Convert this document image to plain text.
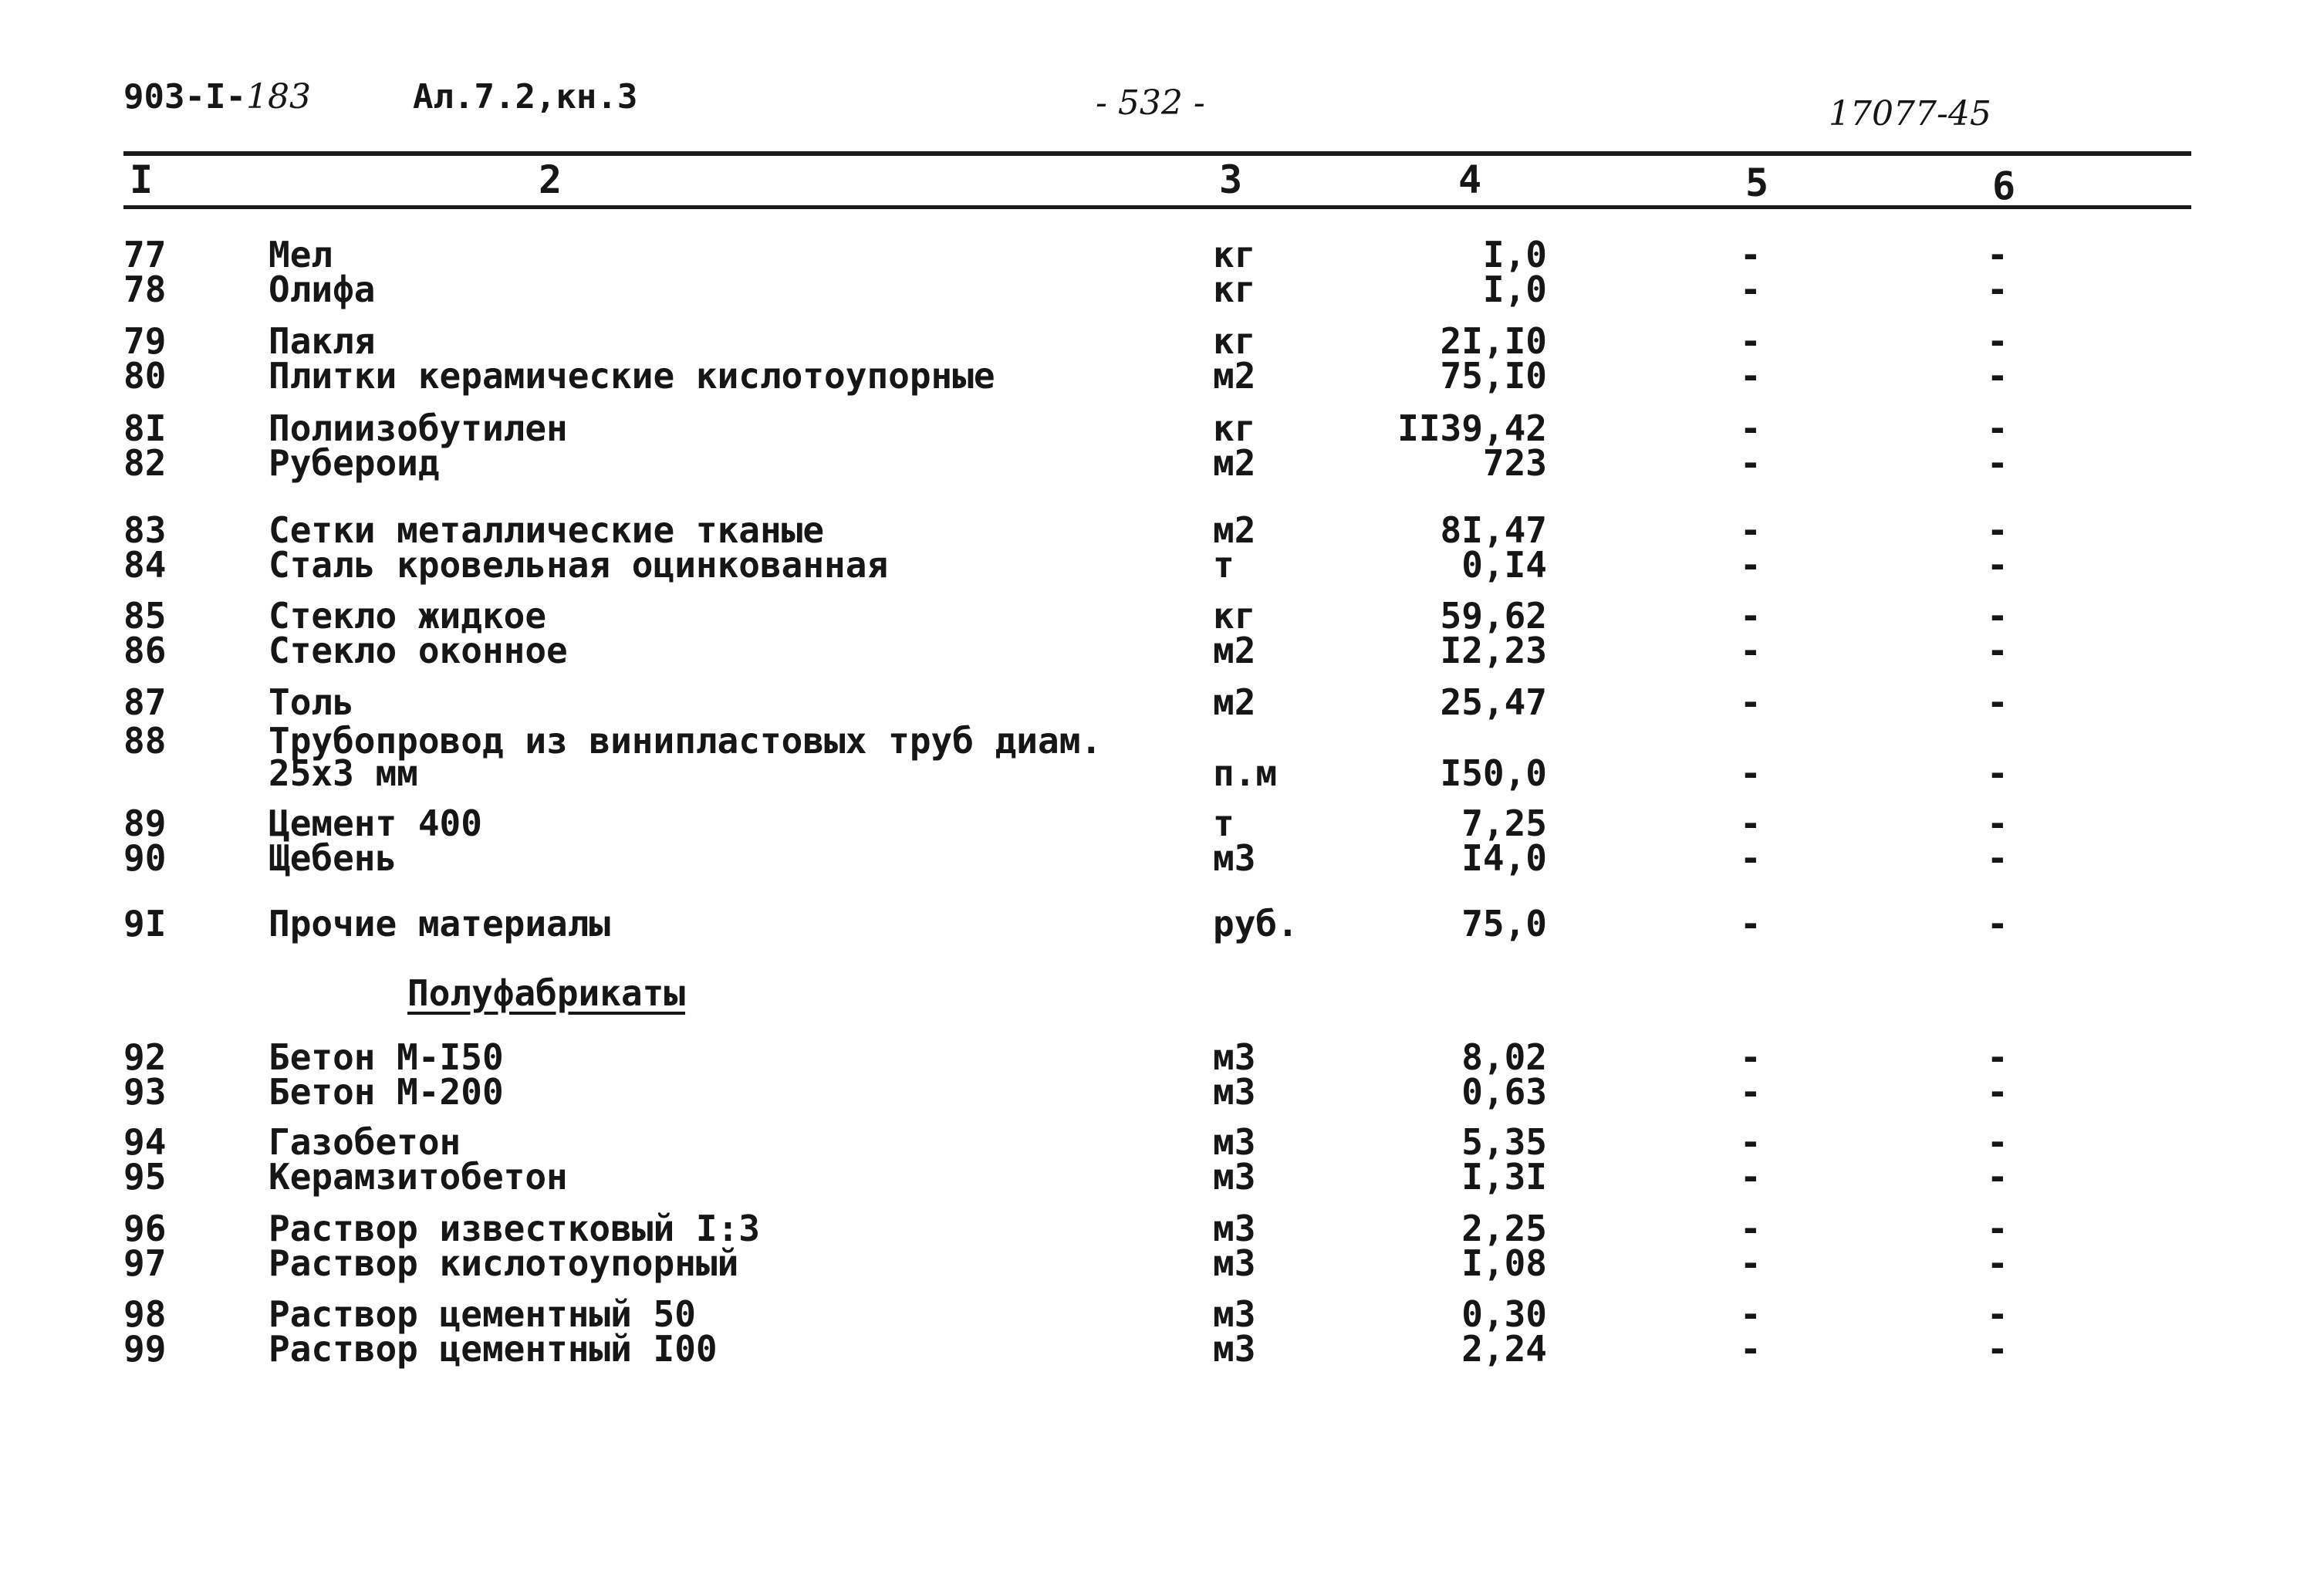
903-I-183	Ал.7.2,кн.3	- 532 -	17077-45
I	2	3	4	5	6
77	Мел	кг	I,0	-	-
78	Олифа	кг	I,0	-	-
79	Пакля	кг	2I,I0	-	-
80	Плитки керамические кислотоупорные	м2	75,I0	-	-
8I	Полиизобутилен	кг	II39,42	-	-
82	Рубероид	м2	723	-	-
83	Сетки металлические тканые	м2	8I,47	-	-
84	Сталь кровельная оцинкованная	т	0,I4	-	-
85	Стекло жидкое	кг	59,62	-	-
86	Стекло оконное	м2	I2,23	-	-
87	Толь	м2	25,47	-	-
88	Трубопровод из винипластовых труб диам.
25х3 мм	п.м	I50,0	-	-
89	Цемент 400	т	7,25	-	-
90	Щебень	м3	I4,0	-	-
9I	Прочие материалы	руб.	75,0	-	-
Полуфабрикаты
92	Бетон М-I50	м3	8,02	-	-
93	Бетон М-200	м3	0,63	-	-
94	Газобетон	м3	5,35	-	-
95	Керамзитобетон	м3	I,3I	-	-
96	Раствор известковый I:3	м3	2,25	-	-
97	Раствор кислотоупорный	м3	I,08	-	-
98	Раствор цементный 50	м3	0,30	-	-
99	Раствор цементный I00	м3	2,24	-	-
